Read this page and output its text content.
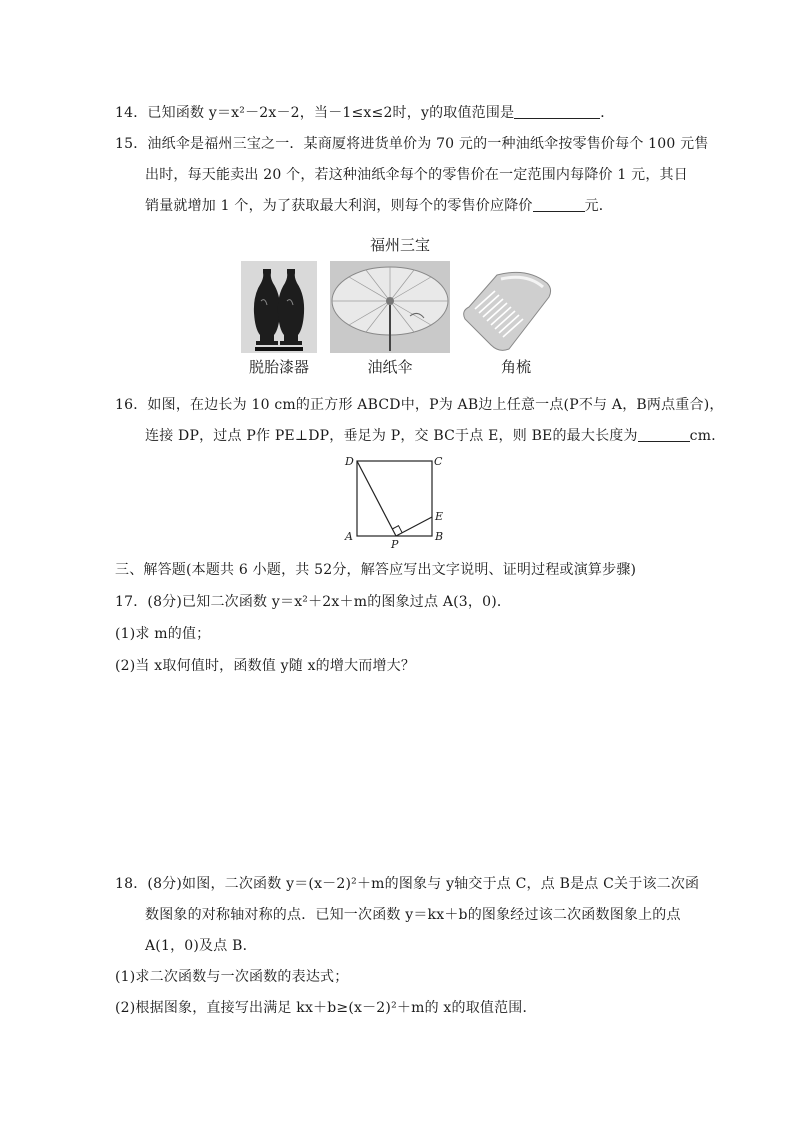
14．已知函数 y＝x²－2x－2，当－1≤x≤2时，y的取值范围是	．
15．油纸伞是福州三宝之一．某商厦将进货单价为 70 元的一种油纸伞按零售价每个 100 元售
出时，每天能卖出 20 个，若这种油纸伞每个的零售价在一定范围内每降价 1 元，其日
销量就增加 1 个，为了获取最大利润，则每个的零售价应降价	元．
福州三宝
脱胎漆器	油纸伞	角梳
16．如图，在边长为 10 cm的正方形 ABCD中，P为 AB边上任意一点(P不与 A，B两点重合)，
连接 DP，过点 P作 PE⊥DP，垂足为 P，交 BC于点 E，则 BE的最大长度为	cm．
D	C
A	B
P
E
三、解答题(本题共 6 小题，共 52分，解答应写出文字说明、证明过程或演算步骤)
17．(8分)已知二次函数 y＝x²＋2x＋m的图象过点 A(3，0)．
(1)求 m的值；
(2)当 x取何值时，函数值 y随 x的增大而增大？
18．(8分)如图，二次函数 y＝(x－2)²＋m的图象与 y轴交于点 C，点 B是点 C关于该二次函
数图象的对称轴对称的点．已知一次函数 y＝kx＋b的图象经过该二次函数图象上的点
A(1，0)及点 B．
(1)求二次函数与一次函数的表达式；
(2)根据图象，直接写出满足 kx＋b≥(x－2)²＋m的 x的取值范围．
